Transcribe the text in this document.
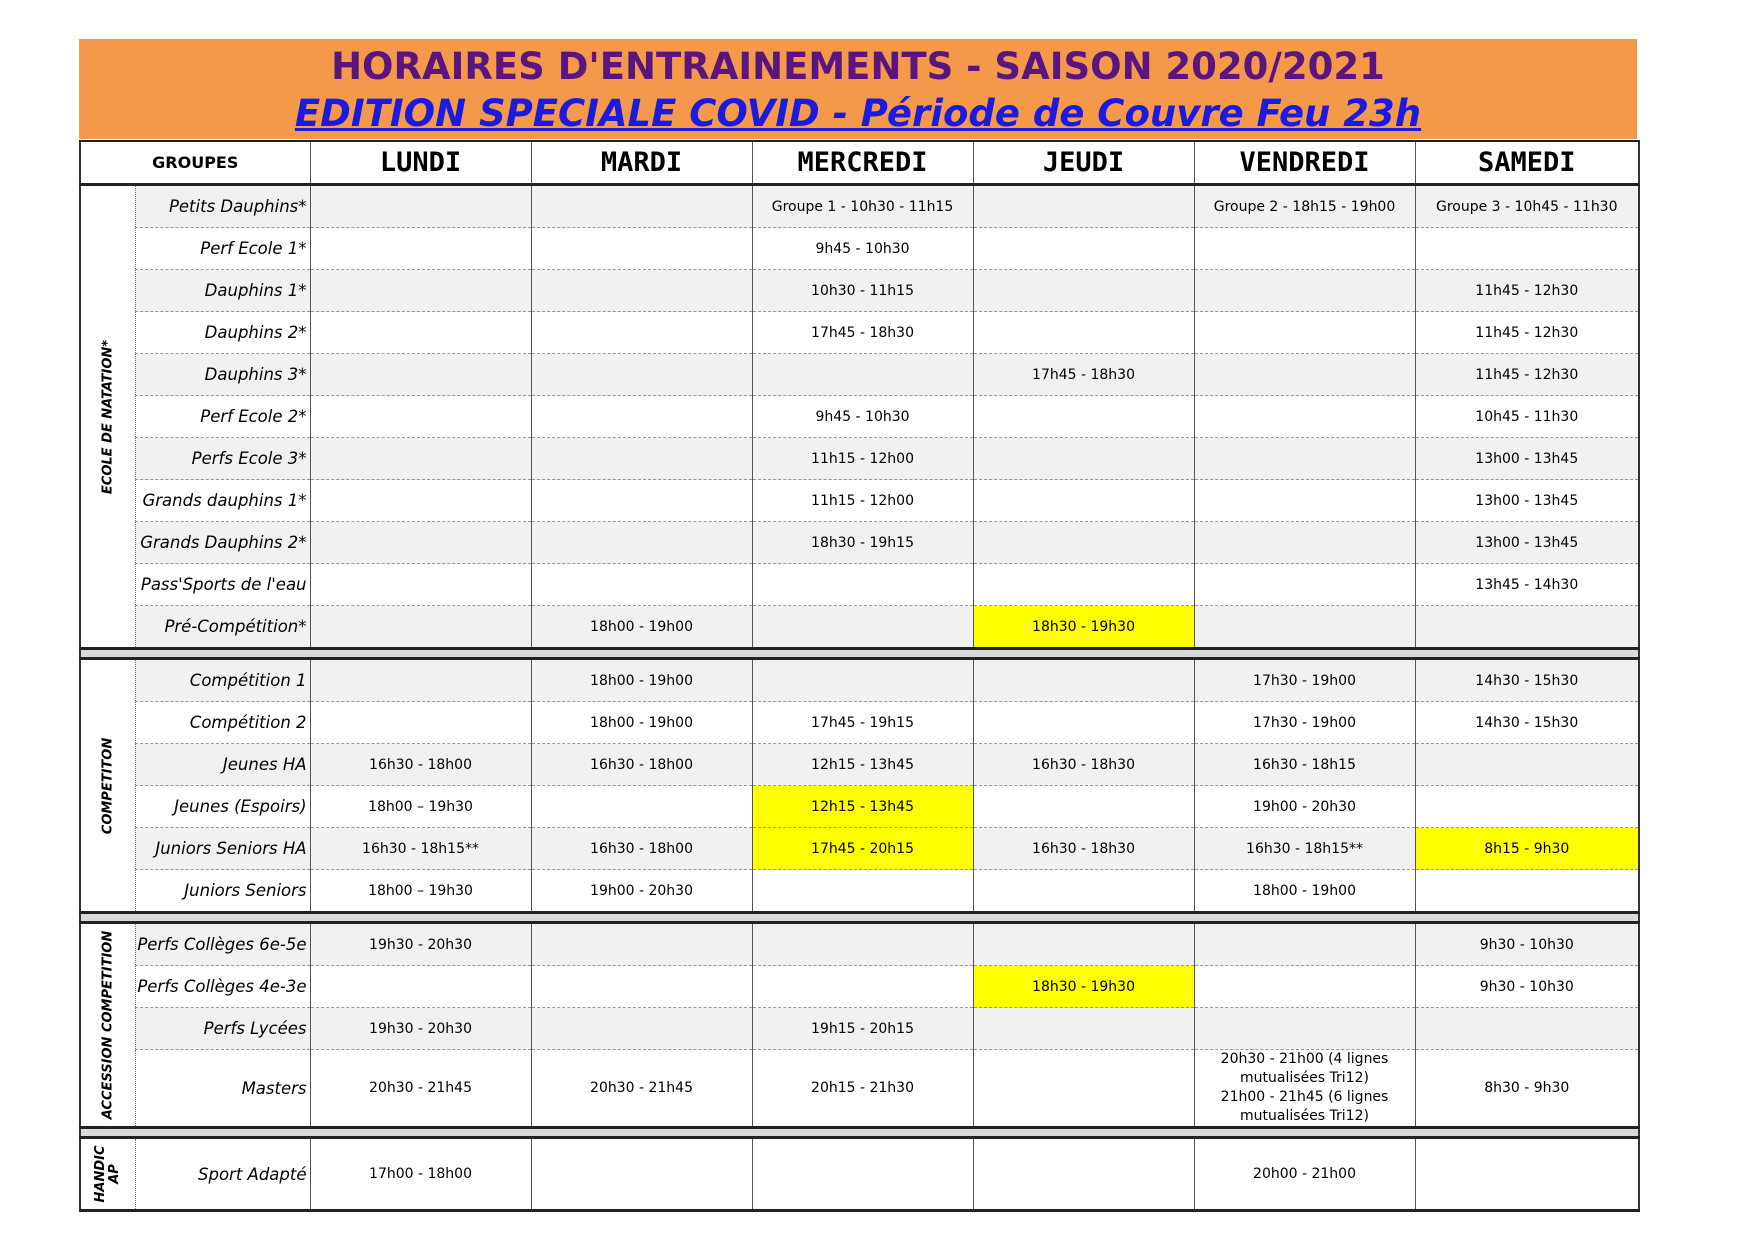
HORAIRES D'ENTRAINEMENTS - SAISON 2020/2021
EDITION SPECIALE COVID - Période de Couvre Feu 23h
GROUPES		LUNDI	MARDI	MERCREDI	JEUDI	VENDREDI	SAMEDI

ECOLE DE NATATION*	Petits Dauphins*			Groupe 1 - 10h30 - 11h15		Groupe 2 - 18h15 - 19h00	Groupe 3 - 10h45 - 11h30
	Perf Ecole 1*			9h45 - 10h30			
	Dauphins 1*			10h30 - 11h15			11h45 - 12h30
	Dauphins 2*			17h45 - 18h30			11h45 - 12h30
	Dauphins 3*				17h45 - 18h30		11h45 - 12h30
	Perf Ecole 2*			9h45 - 10h30			10h45 - 11h30
	Perfs Ecole 3*			11h15 - 12h00			13h00 - 13h45
	Grands dauphins 1*			11h15 - 12h00			13h00 - 13h45
	Grands Dauphins 2*			18h30 - 19h15			13h00 - 13h45
	Pass'Sports de l'eau						13h45 - 14h30
	Pré-Compétition*		18h00 - 19h00		18h30 - 19h30		

COMPETITON	Compétition 1		18h00 - 19h00			17h30 - 19h00	14h30 - 15h30
	Compétition 2		18h00 - 19h00	17h45 - 19h15		17h30 - 19h00	14h30 - 15h30
	Jeunes HA	16h30 - 18h00	16h30 - 18h00	12h15 - 13h45	16h30 - 18h30	16h30 - 18h15	
	Jeunes (Espoirs)	18h00 – 19h30		12h15 - 13h45		19h00 - 20h30	
	Juniors Seniors HA	16h30 - 18h15**	16h30 - 18h00	17h45 - 20h15	16h30 - 18h30	16h30 - 18h15**	8h15 - 9h30
	Juniors Seniors	18h00 – 19h30	19h00 - 20h30			18h00 - 19h00	

ACCESSION COMPETITION	Perfs Collèges 6e-5e	19h30 - 20h30					9h30 - 10h30
	Perfs Collèges 4e-3e				18h30 - 19h30		9h30 - 10h30
	Perfs Lycées	19h30 - 20h30		19h15 - 20h15			
	Masters	20h30 - 21h45	20h30 - 21h45	20h15 - 21h30		20h30 - 21h00 (4 lignes mutualisées Tri12)
21h00 - 21h45 (6 lignes mutualisées Tri12)	8h30 - 9h30

HANDICAP	Sport Adapté	17h00 - 18h00				20h00 - 21h00	
